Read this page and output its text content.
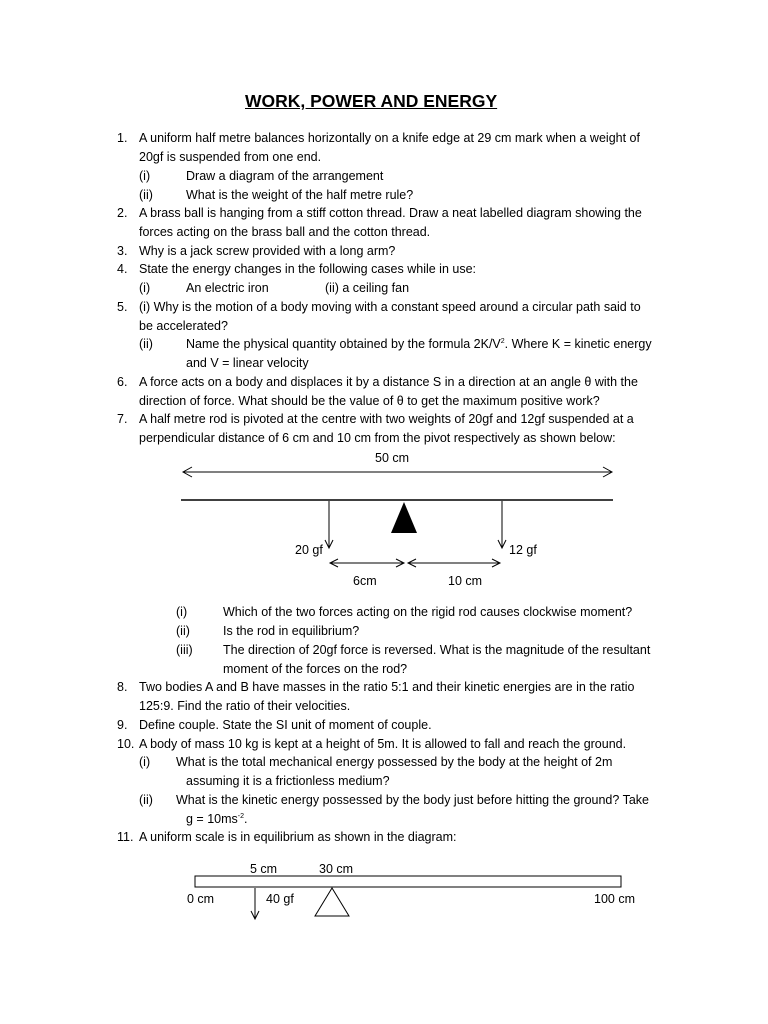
WORK, POWER AND ENERGY
1. A uniform half metre balances horizontally on a knife edge at 29 cm mark when a weight of
20gf is suspended from one end.
(i)	Draw a diagram of the arrangement
(ii)	What is the weight of the half metre rule?
2. A brass ball is hanging from a stiff cotton thread. Draw a neat labelled diagram showing the
forces acting on the brass ball and the cotton thread.
3. Why is a jack screw provided with a long arm?
4. State the energy changes in the following cases while in use:
(i)	An electric iron	(ii) a ceiling fan
5. (i) Why is the motion of a body moving with a constant speed around a circular path said to
be accelerated?
(ii)	Name the physical quantity obtained by the formula $2K/V^2$. Where K = kinetic energy
and V = linear velocity
6. A force acts on a body and displaces it by a distance S in a direction at an angle θ with the
direction of force. What should be the value of θ to get the maximum positive work?
7. A half metre rod is pivoted at the centre with two weights of 20gf and 12gf suspended at a
perpendicular distance of 6 cm and 10 cm from the pivot respectively as shown below:
50 cm
20 gf	12 gf
6cm	10 cm
(i)	Which of the two forces acting on the rigid rod causes clockwise moment?
(ii)	Is the rod in equilibrium?
(iii) The direction of 20gf force is reversed. What is the magnitude of the resultant
moment of the forces on the rod?
8. Two bodies A and B have masses in the ratio 5:1 and their kinetic energies are in the ratio
125:9. Find the ratio of their velocities.
9. Define couple. State the SI unit of moment of couple.
10. A body of mass 10 kg is kept at a height of 5m. It is allowed to fall and reach the ground.
(i) What is the total mechanical energy possessed by the body at the height of 2m
assuming it is a frictionless medium?
(ii) What is the kinetic energy possessed by the body just before hitting the ground? Take
$g = 10ms^{-2}$.
11. A uniform scale is in equilibrium as shown in the diagram:
5 cm	30 cm
0 cm	40 gf	100 cm
